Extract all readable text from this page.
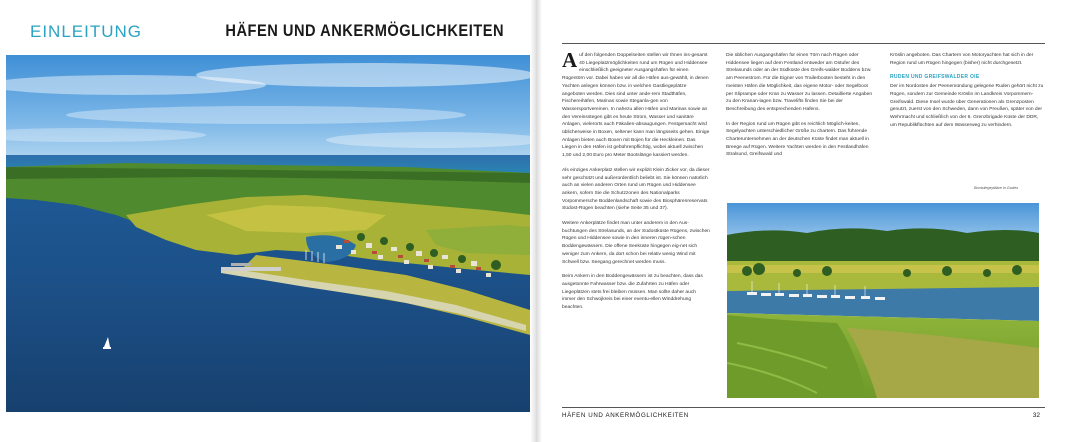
EINLEITUNG	HÄFEN UND ANKERMÖGLICHKEITEN

Auf den folgenden Doppelseiten stellen wir Ihnen ins-gesamt 40 Liegeplatzmöglichkeiten rund um Rügen und Hiddensee einschließlich geeigneter Ausgangshäfen für einen Rügentörn vor. Dabei haben wir all die Häfen aus-gewählt, in denen Yachten anlegen können bzw. in welchen Gastliegeplätze angeboten werden. Dies sind unter ande-rem Stadthäfen, Fischereihäfen, Marinas sowie Steganla-gen von Wassersportvereinen. In nahezu allen Häfen und Marinas sowie an den Vereinsstegen gibt es heute Strom, Wasser und sanitäre Anlagen, vielerorts auch Fäkalien-absaugungen. Festgemacht wird üblicherweise in Boxen, seltener kann man längsseits gehen. Einige Anlagen bieten auch Boxen mit Bojen für die Heckleinen. Das Liegen in den Häfen ist gebührenpflichtig, wobei aktuell zwischen 1,50 und 2,00 Euro pro Meter Bootslänge kassiert werden.

Als einziges Ankerplatz stellen wir explizit Klein Zicker vor, da dieser sehr geschützt und außerordentlich beliebt ist. Sie können natürlich auch an vielen anderen Orten rund um Rügen und Hiddensee ankern, sofern Sie die Schutzzonen des Nationalparks Vorpommersche Boddenlandschaft sowie des Biosphärenreservats Südost-Rügen beachten (siehe Seite 35 und 37).

Weitere Ankerplätze findet man unter anderem in den Aus-buchtungen des Strelasunds, an der Südostküste Rügens, zwischen Rügen und Hiddensee sowie in den inneren rügen-schen Boddengewässern. Die offene Seeküste hingegen eig-net sich weniger zum Ankern, da dort schon bei relativ wenig Wind mit Schwell bzw. Seegang gerechnet werden muss.

Beim Ankern in den Boddengewässern ist zu beachten, dass das ausgetonnte Fahrwasser bzw. die Zufahrten zu Häfen oder Liegeplätzen stets frei bleiben müssen. Man sollte daher auch immer den Schwojkreis bei einer eventu-ellen Winddrehung beachten.

Die üblichen Ausgangshäfen für einen Törn nach Rügen oder Hiddensee liegen auf dem Festland entweder am Ostufer des Strelasunds oder an der Südküste des Greifs-walder Boddens bzw. am Peenestrom. Für die Eigner von Trailerbooten besteht in den meisten Häfen die Möglichkeit, das eigene Motor- oder Segelboot per Sliprampe oder Kran zu Wasser zu lassen. Detaillierte Angaben zu den Kranan-lagen bzw. Travelifts finden Sie bei der Beschreibung des entsprechenden Hafens.

In der Region rund um Rügen gibt es reichlich Möglich-keiten, Segelyachten unterschiedlicher Größe zu chartern. Das führende Charterunternehmen an der deutschen Küste findet man aktuell in Breege auf Rügen. Weitere Yachten werden in den Festlandhäfen Stralsund, Greifswald und

Kröslin angeboten. Das Chartern von Motoryachten hat sich in der Region rund um Rügen hingegen (bisher) nicht durchgesetzt.

RUDEN UND GREIFSWALDER OIE

Der im Nordosten der Peenemündung gelegene Ruden gehört nicht zu Rügen, sondern zur Gemeinde Kröslin im Landkreis Vorpommern-Greifswald. Diese Insel wurde über Generationen als Grenzposten genutzt, zuerst von den Schweden, dann von Preußen, später von der Wehrmacht und schließlich von der 6. Grenzbrigade Küste der DDR, um Republikflüchten auf dem Wasserweg zu verhindern.

Bootsliegeplätze in Gudes
HÄFEN UND ANKERMÖGLICHKEITEN	32
